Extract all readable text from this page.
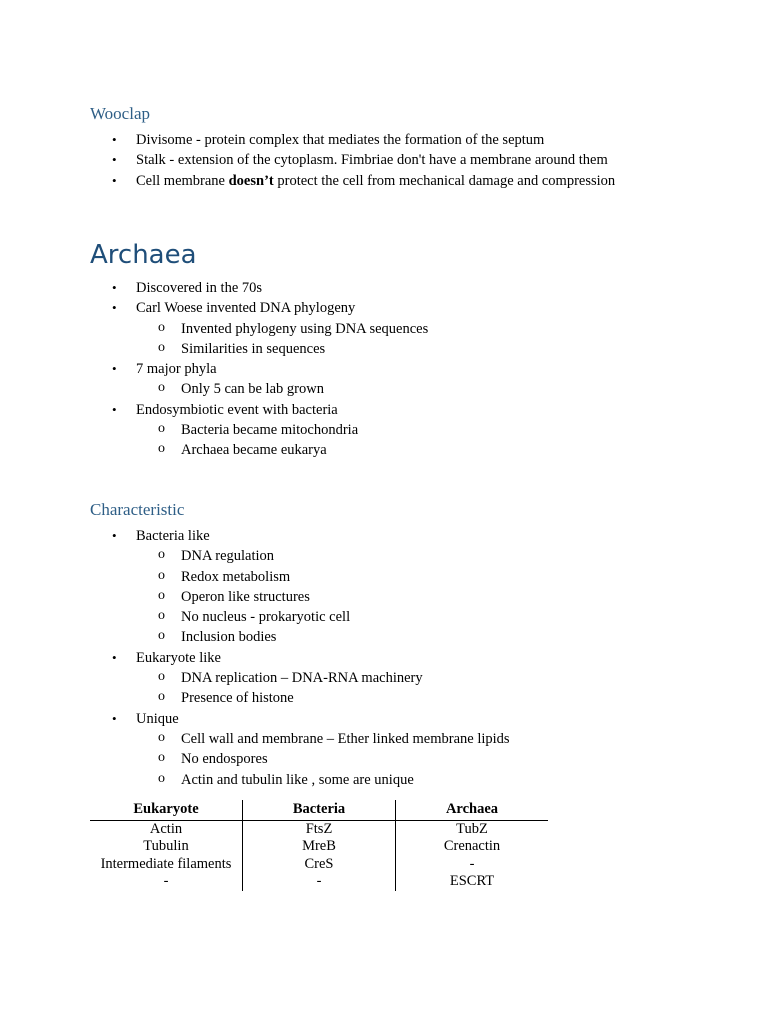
Wooclap
• Divisome - protein complex that mediates the formation of the septum
• Stalk - extension of the cytoplasm. Fimbriae don't have a membrane around them
• Cell membrane doesn’t protect the cell from mechanical damage and compression
Archaea
• Discovered in the 70s
• Carl Woese invented DNA phylogeny
o Invented phylogeny using DNA sequences
o Similarities in sequences
• 7 major phyla
o Only 5 can be lab grown
• Endosymbiotic event with bacteria
o Bacteria became mitochondria
o Archaea became eukarya
Characteristic
• Bacteria like
o DNA regulation
o Redox metabolism
o Operon like structures
o No nucleus - prokaryotic cell
o Inclusion bodies
• Eukaryote like
o DNA replication – DNA-RNA machinery
o Presence of histone
• Unique
o Cell wall and membrane – Ether linked membrane lipids
o No endospores
o Actin and tubulin like , some are unique
Eukaryote	Bacteria	Archaea
Actin	FtsZ	TubZ
Tubulin	MreB	Crenactin
Intermediate filaments	CreS	-
-	-	ESCRT
